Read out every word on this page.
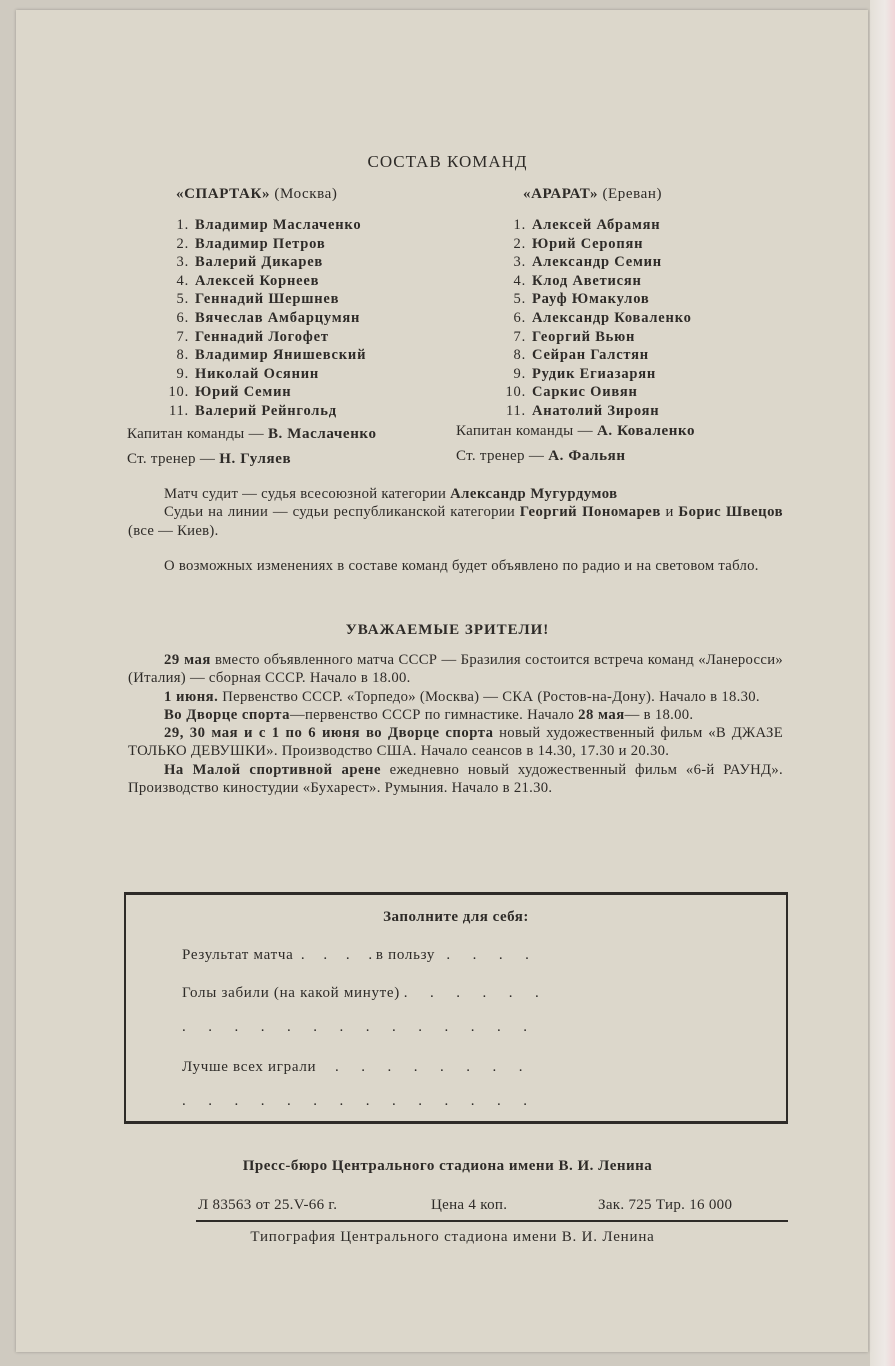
СОСТАВ КОМАНД
«СПАРТАК» (Москва)	«АРАРАТ» (Ереван)
1. Владимир Маслаченко
2. Владимир Петров
3. Валерий Дикарев
4. Алексей Корнеев
5. Геннадий Шершнев
6. Вячеслав Амбарцумян
7. Геннадий Логофет
8. Владимир Янишевский
9. Николай Осянин
10. Юрий Семин
11. Валерий Рейнгольд
1. Алексей Абрамян
2. Юрий Серопян
3. Александр Семин
4. Клод Аветисян
5. Рауф Юмакулов
6. Александр Коваленко
7. Георгий Вьюн
8. Сейран Галстян
9. Рудик Егиазарян
10. Саркис Оивян
11. Анатолий Зироян
Капитан команды — В. Маслаченко
Ст. тренер — Н. Гуляев
Капитан команды — А. Коваленко
Ст. тренер — А. Фальян

Матч судит — судья всесоюзной категории Александр Мугурдумов

Судьи на линии — судьи республиканской категории Георгий Пономарев и Борис Швецов (все — Киев).

О возможных изменениях в составе команд будет объявлено по радио и на световом табло.

УВАЖАЕМЫЕ ЗРИТЕЛИ!

29 мая вместо объявленного матча СССР — Бразилия состоится встреча команд «Ланеросси» (Италия) — сборная СССР. Начало в 18.00.

1 июня. Первенство СССР. «Торпедо» (Москва) — СКА (Ростов-на-Дону). Начало в 18.30.

Во Дворце спорта—первенство СССР по гимнастике. Начало 28 мая— в 18.00.

29, 30 мая и с 1 по 6 июня во Дворце спорта новый художественный фильм «В ДЖАЗЕ ТОЛЬКО ДЕВУШКИ». Производство США. Начало сеансов в 14.30, 17.30 и 20.30.

На Малой спортивной арене ежедневно новый художественный фильм «6-й РАУНД». Производство киностудии «Бухарест». Румыния. Начало в 21.30.

Заполните для себя:
Результат матча  .     .     .     . в пользу   .      .      .      .
Голы забили (на какой минуте) .      .      .      .      .      .
.      .      .      .      .      .      .      .      .      .      .      .      .      .
Лучше всех играли     .      .      .      .      .      .      .      .
.      .      .      .      .      .      .      .      .      .      .      .      .      .
Пресс-бюро Центрального стадиона имени В. И. Ленина
Л 83563 от 25.V-66 г.	Цена 4 коп.	Зак. 725 Тир. 16 000
Типография Центрального стадиона имени В. И. Ленина
